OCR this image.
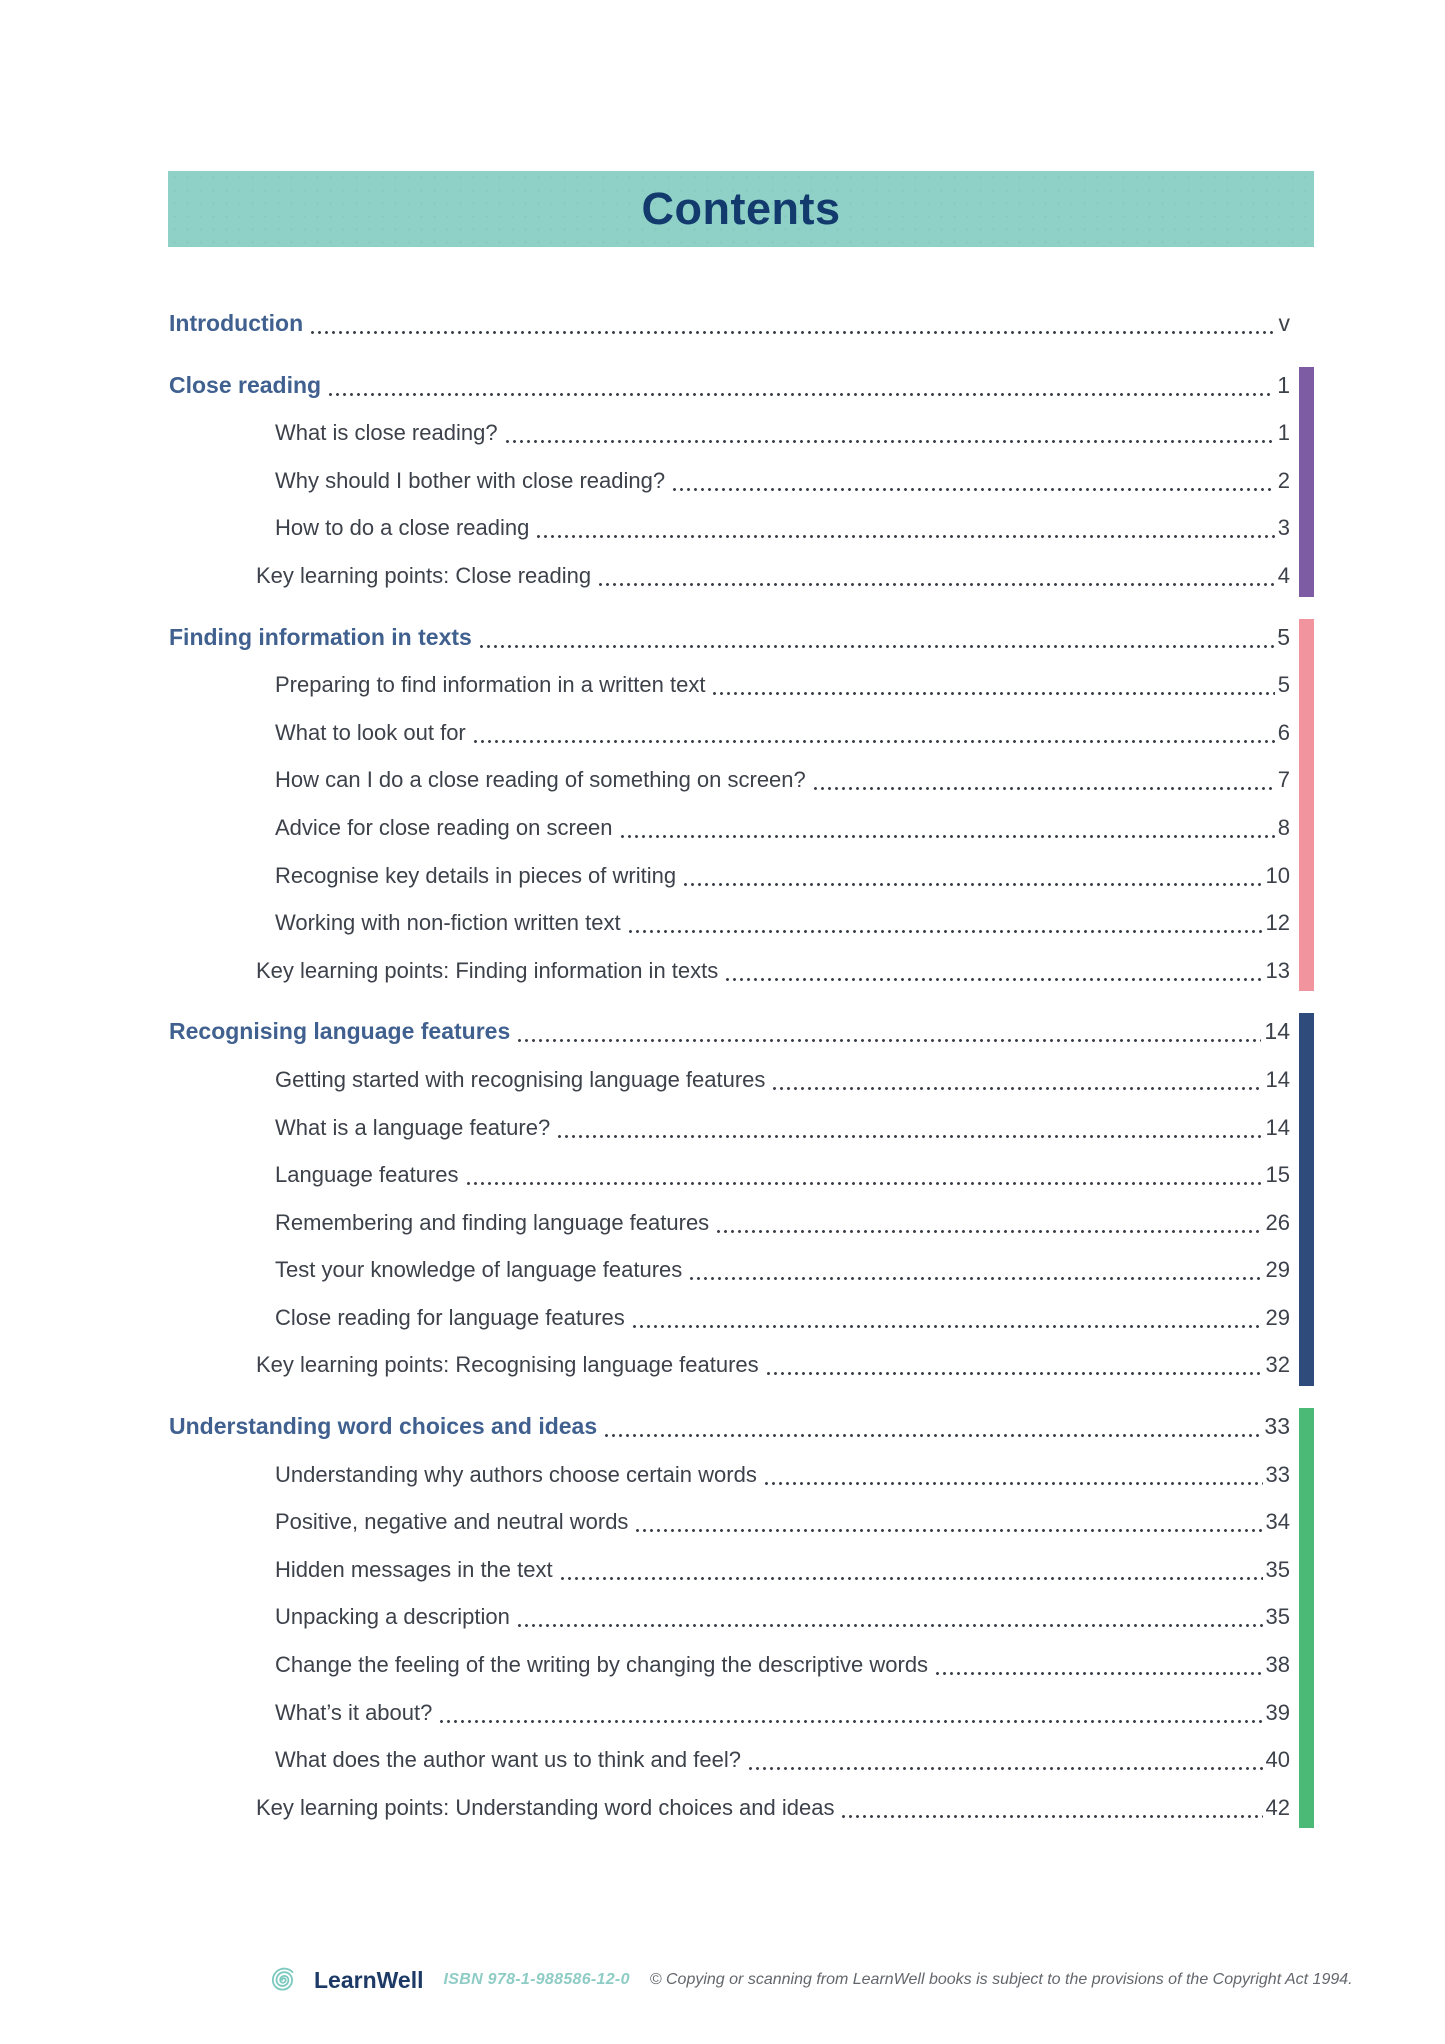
Contents
Introduction	v
Close reading	1
What is close reading?	1
Why should I bother with close reading?	2
How to do a close reading	3
Key learning points: Close reading	4
Finding information in texts	5
Preparing to find information in a written text	5
What to look out for	6
How can I do a close reading of something on screen?	7
Advice for close reading on screen	8
Recognise key details in pieces of writing	10
Working with non-fiction written text	12
Key learning points: Finding information in texts	13
Recognising language features	14
Getting started with recognising language features	14
What is a language feature?	14
Language features	15
Remembering and finding language features	26
Test your knowledge of language features	29
Close reading for language features	29
Key learning points: Recognising language features	32
Understanding word choices and ideas	33
Understanding why authors choose certain words	33
Positive, negative and neutral words	34
Hidden messages in the text	35
Unpacking a description	35
Change the feeling of the writing by changing the descriptive words	38
What’s it about?	39
What does the author want us to think and feel?	40
Key learning points: Understanding word choices and ideas	42
LearnWell ISBN 978-1-988586-12-0 © Copying or scanning from LearnWell books is subject to the provisions of the Copyright Act 1994.
